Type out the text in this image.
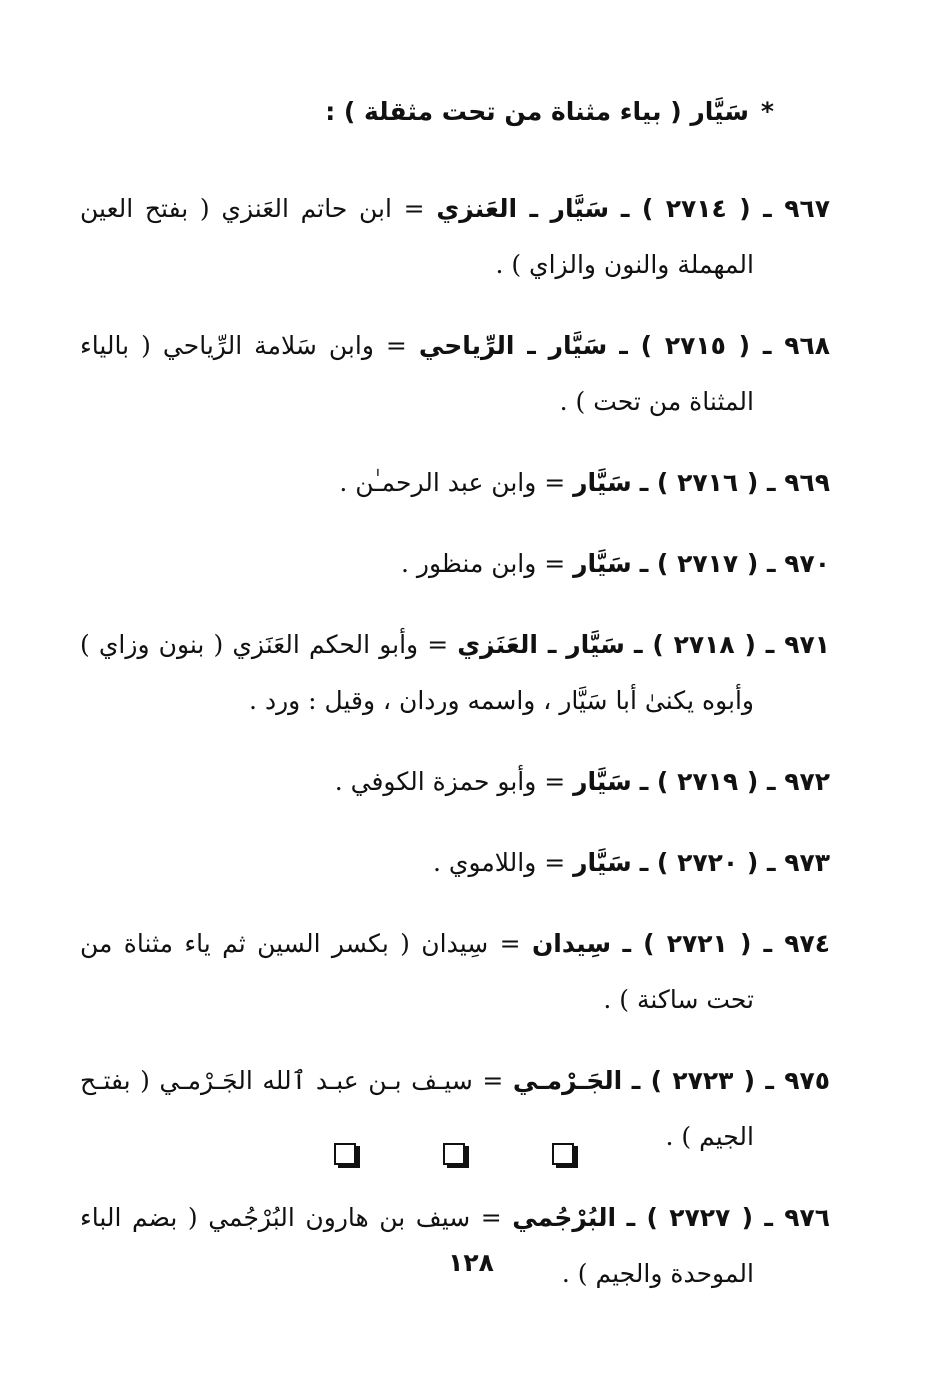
*سَيَّار ( بياء مثناة من تحت مثقلة ) :

٩٦٧ ـ ( ٢٧١٤ ) ـ سَيَّار ـ العَنزي = ابن حاتم العَنزي ( بفتح العين المهملة والنون والزاي ) .

٩٦٨ ـ ( ٢٧١٥ ) ـ سَيَّار ـ الرِّياحي = وابن سَلامة الرِّياحي ( بالياء المثناة من تحت ) .

٩٦٩ ـ ( ٢٧١٦ ) ـ سَيَّار = وابن عبد الرحمـٰن .

٩٧٠ ـ ( ٢٧١٧ ) ـ سَيَّار = وابن منظور .

٩٧١ ـ ( ٢٧١٨ ) ـ سَيَّار ـ العَنَزي = وأبو الحكم العَنَزي ( بنون وزاي ) وأبوه يكنىٰ أبا سَيَّار ، واسمه وردان ، وقيل : ورد .

٩٧٢ ـ ( ٢٧١٩ ) ـ سَيَّار = وأبو حمزة الكوفي .

٩٧٣ ـ ( ٢٧٢٠ ) ـ سَيَّار = واللاموي .

٩٧٤ ـ ( ٢٧٢١ ) ـ سِيدان = سِيدان ( بكسر السين ثم ياء مثناة من تحت ساكنة ) .

٩٧٥ ـ ( ٢٧٢٣ ) ـ الجَـرْمـي = سيـف بـن عبـد ٱلله الجَـرْمـي ( بفتـح الجيم ) .

٩٧٦ ـ ( ٢٧٢٧ ) ـ البُرْجُمي = سيف بن هارون البُرْجُمي ( بضم الباء الموحدة والجيم ) .

١٢٨
